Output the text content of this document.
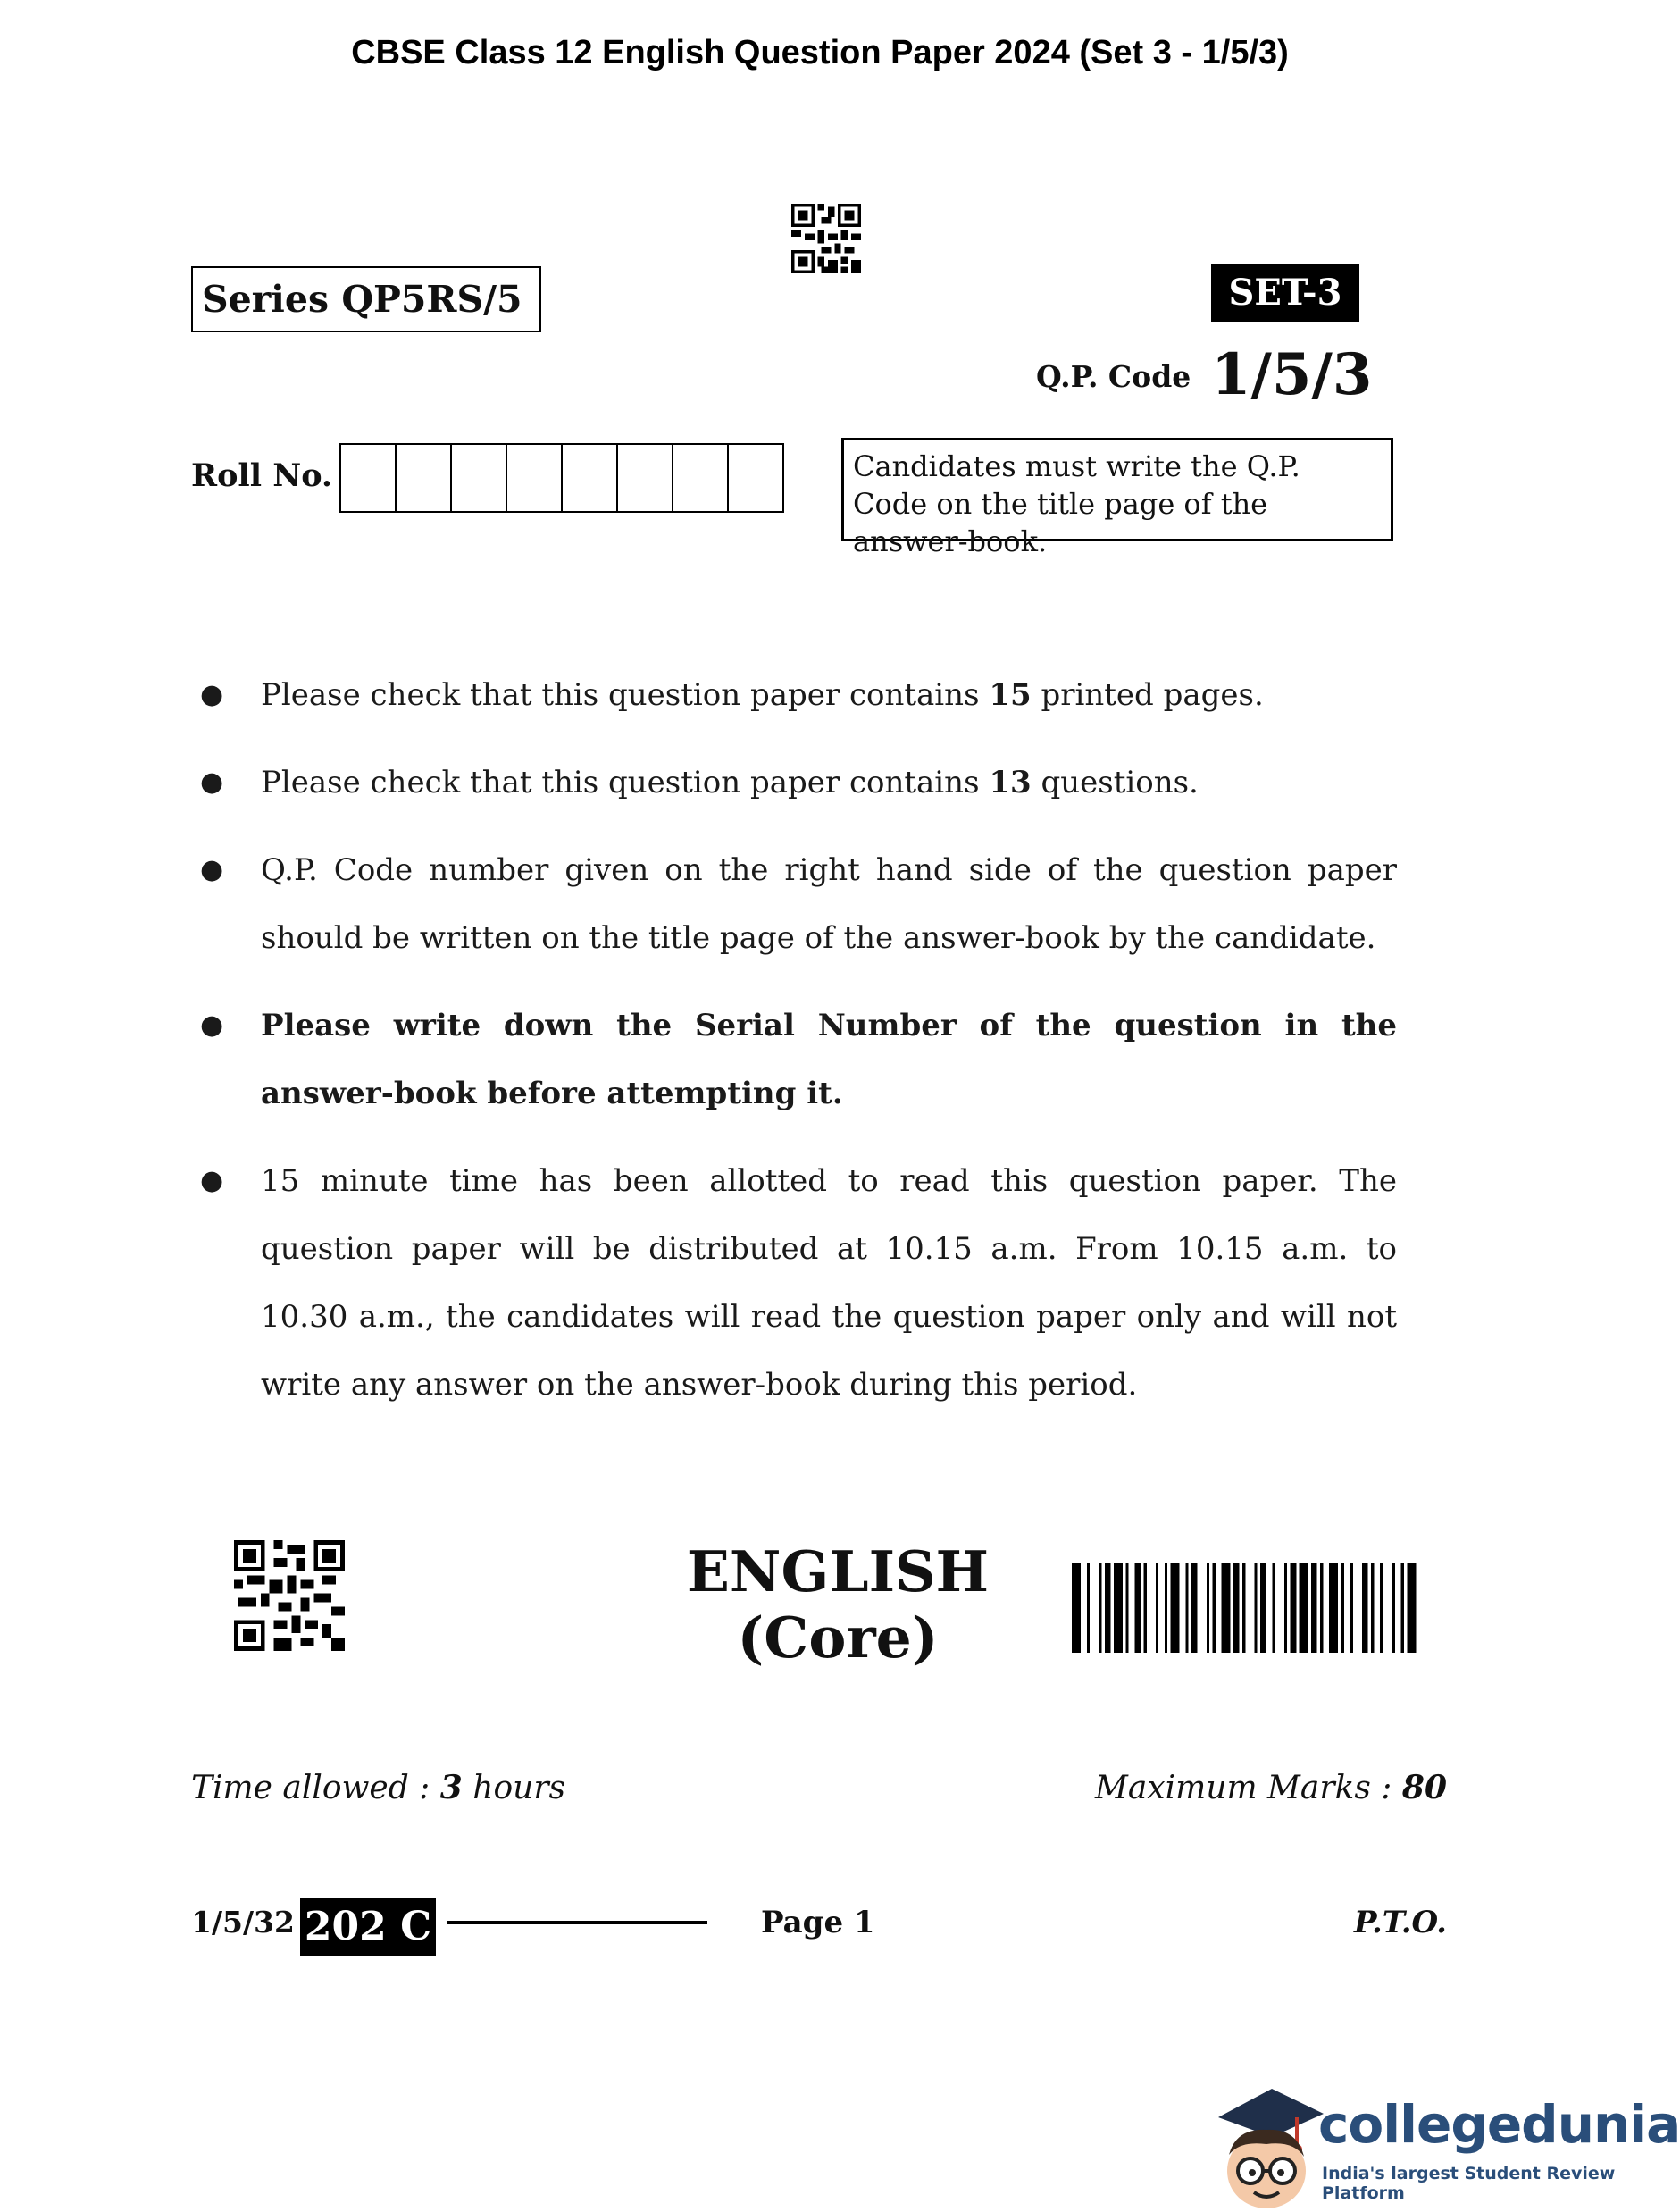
CBSE Class 12 English Question Paper 2024 (Set 3 - 1/5/3)
Series QP5RS/5	SET-3
Q.P. Code 1/5/3
Roll No.	Candidates must write the Q.P. Code on the title page of the answer-book.
● Please check that this question paper contains 15 printed pages.
● Please check that this question paper contains 13 questions.
● Q.P. Code number given on the right hand side of the question paper should be written on the title page of the answer-book by the candidate.
● Please write down the Serial Number of the question in the answer-book before attempting it.
● 15 minute time has been allotted to read this question paper. The question paper will be distributed at 10.15 a.m. From 10.15 a.m. to 10.30 a.m., the candidates will read the question paper only and will not write any answer on the answer-book during this period.
ENGLISH
(Core)
Time allowed : 3 hours	Maximum Marks : 80
1/5/32 202 C	Page 1	P.T.O.
collegedunia
India's largest Student Review Platform
